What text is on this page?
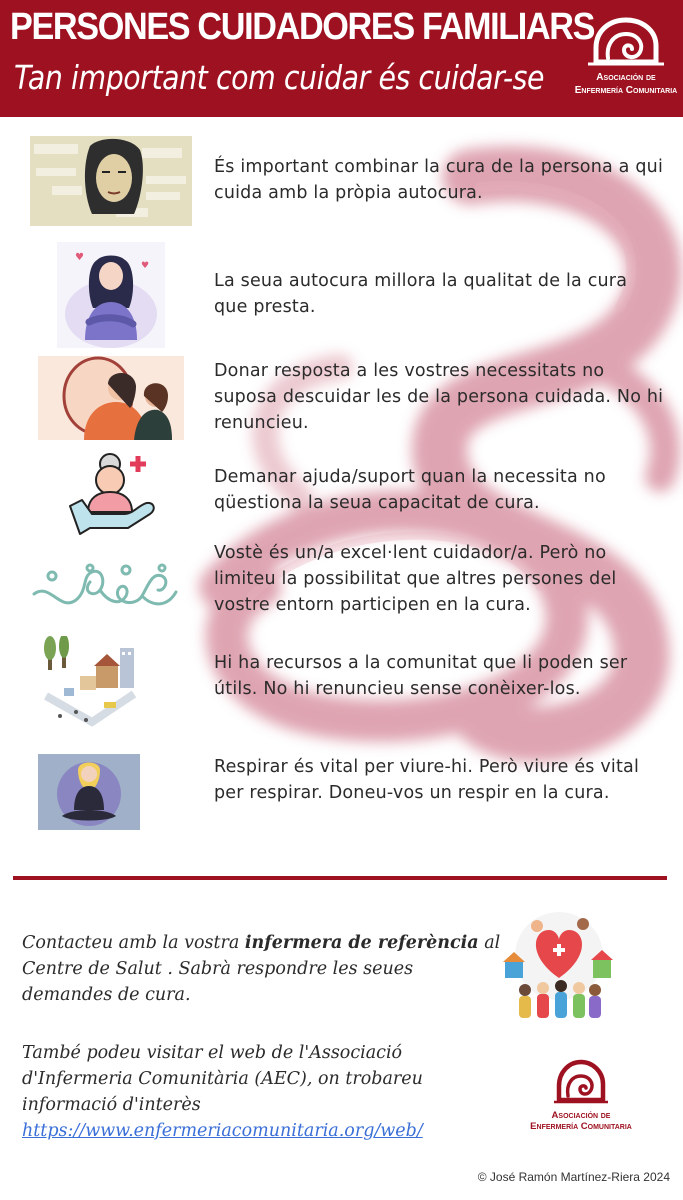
PERSONES CUIDADORES FAMILIARS
Tan important com cuidar és cuidar-se	Asociación de
Enfermería Comunitaria
És important combinar la cura de la persona a qui cuida amb la pròpia autocura.
♥
♥
La seua autocura millora la qualitat de la cura que presta.
Donar resposta a les vostres necessitats no suposa descuidar les de la persona cuidada. No hi renuncieu.
Demanar ajuda/suport quan la necessita no qüestiona la seua capacitat de cura.
Vostè és un/a excel·lent cuidador/a. Però no limiteu la possibilitat que altres persones del vostre entorn participen en la cura.
Hi ha recursos a la comunitat que li poden ser útils. No hi renuncieu sense conèixer-los.
Respirar és vital per viure-hi. Però viure és vital per respirar. Doneu-vos un respir en la cura.
Contacteu amb la vostra infermera de referència al Centre de Salut . Sabrà respondre les seues demandes de cura.
També podeu visitar el web de l'Associació d'Infermeria Comunitària (AEC), on trobareu informació d'interès
https://www.enfermeriacomunitaria.org/web/
Asociación de
Enfermería Comunitaria
© José Ramón Martínez-Riera 2024
